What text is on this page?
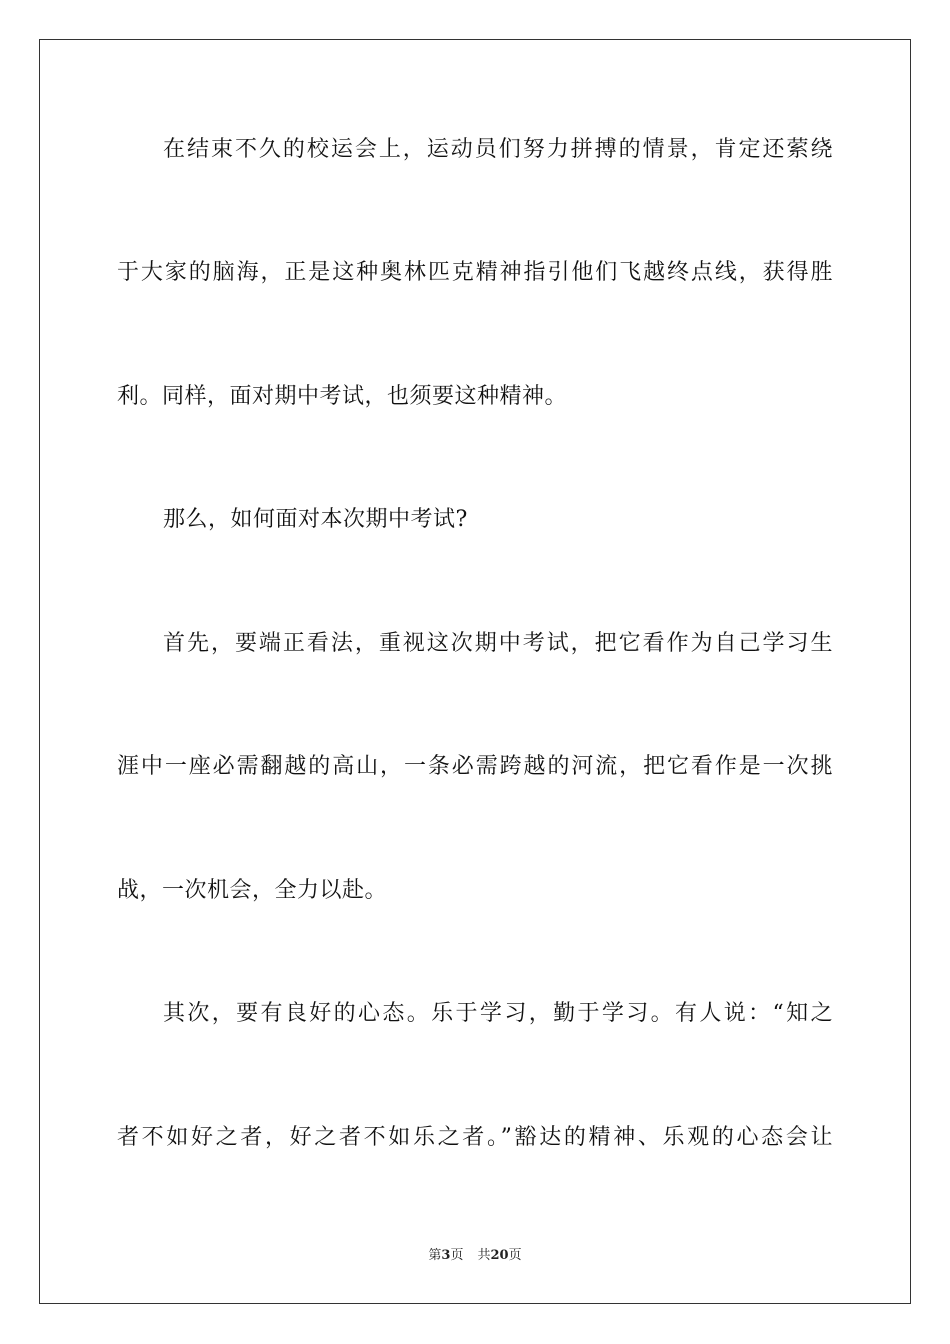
在结束不久的校运会上，运动员们努力拼搏的情景，肯定还萦绕
于大家的脑海，正是这种奥林匹克精神指引他们飞越终点线，获得胜
利。同样，面对期中考试，也须要这种精神。
那么，如何面对本次期中考试?
首先，要端正看法，重视这次期中考试，把它看作为自己学习生
涯中一座必需翻越的高山，一条必需跨越的河流，把它看作是一次挑
战，一次机会，全力以赴。
其次，要有良好的心态。乐于学习，勤于学习。有人说：“知之
者不如好之者，好之者不如乐之者。”豁达的精神、乐观的心态会让
第3页 共20页
